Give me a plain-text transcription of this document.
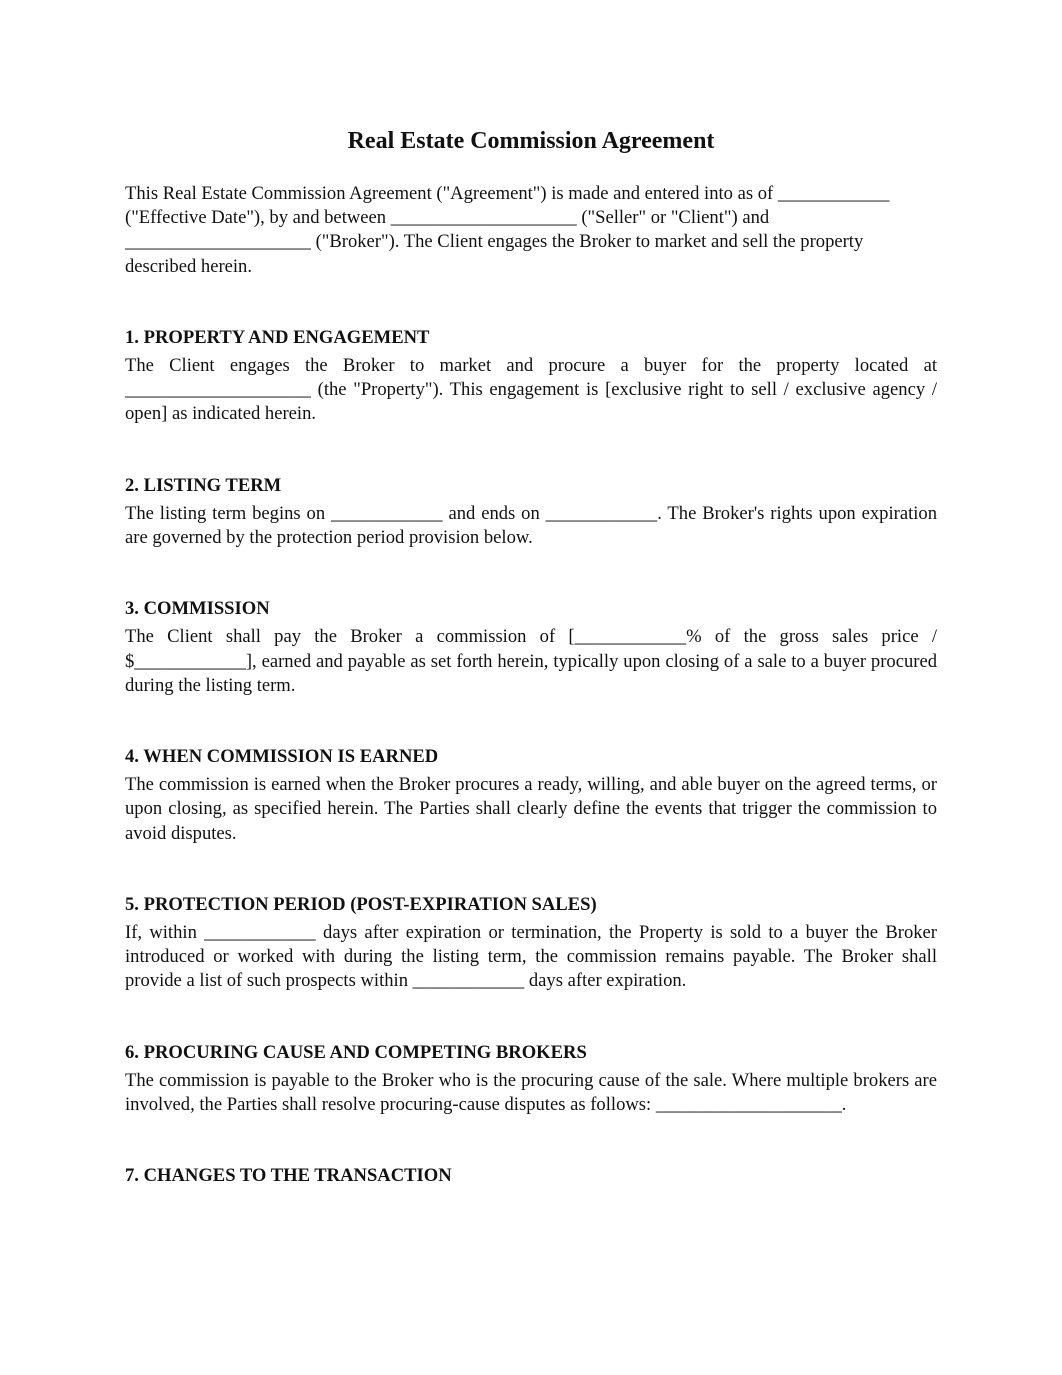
Real Estate Commission Agreement

This Real Estate Commission Agreement ("Agreement") is made and entered into as of ____________ ("Effective Date"), by and between ____________________ ("Seller" or "Client") and ____________________ ("Broker"). The Client engages the Broker to market and sell the property described herein.

1. PROPERTY AND ENGAGEMENT

The Client engages the Broker to market and procure a buyer for the property located at ____________________ (the "Property"). This engagement is [exclusive right to sell / exclusive agency / open] as indicated herein.

2. LISTING TERM

The listing term begins on ____________ and ends on ____________. The Broker's rights upon expiration are governed by the protection period provision below.

3. COMMISSION

The Client shall pay the Broker a commission of [____________% of the gross sales price / $____________], earned and payable as set forth herein, typically upon closing of a sale to a buyer procured during the listing term.

4. WHEN COMMISSION IS EARNED

The commission is earned when the Broker procures a ready, willing, and able buyer on the agreed terms, or upon closing, as specified herein. The Parties shall clearly define the events that trigger the commission to avoid disputes.

5. PROTECTION PERIOD (POST-EXPIRATION SALES)

If, within ____________ days after expiration or termination, the Property is sold to a buyer the Broker introduced or worked with during the listing term, the commission remains payable. The Broker shall provide a list of such prospects within ____________ days after expiration.

6. PROCURING CAUSE AND COMPETING BROKERS

The commission is payable to the Broker who is the procuring cause of the sale. Where multiple brokers are involved, the Parties shall resolve procuring-cause disputes as follows: ____________________.

7. CHANGES TO THE TRANSACTION
